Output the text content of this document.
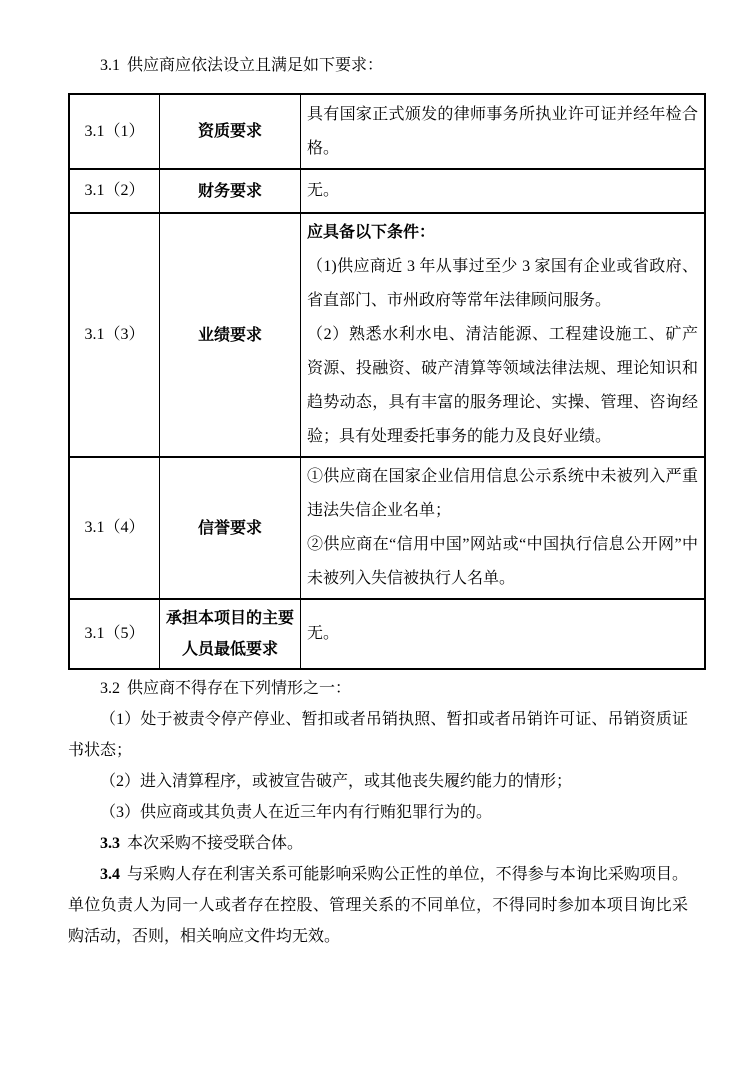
3.1 供应商应依法设立且满足如下要求：

3.1（1）	资质要求	具有国家正式颁发的律师事务所执业许可证并经年检合格。

3.1（2）	财务要求	无。

3.1（3）	业绩要求	应具备以下条件：
（1)供应商近 3 年从事过至少 3 家国有企业或省政府、省直部门、市州政府等常年法律顾问服务。
（2）熟悉水利水电、清洁能源、工程建设施工、矿产资源、投融资、破产清算等领域法律法规、理论知识和趋势动态，具有丰富的服务理论、实操、管理、咨询经验；具有处理委托事务的能力及良好业绩。

3.1（4）	信誉要求	①供应商在国家企业信用信息公示系统中未被列入严重违法失信企业名单；
②供应商在“信用中国”网站或“中国执行信息公开网”中未被列入失信被执行人名单。

3.1（5）	承担本项目的主要人员最低要求	无。

3.2 供应商不得存在下列情形之一：

（1）处于被责令停产停业、暂扣或者吊销执照、暂扣或者吊销许可证、吊销资质证书状态；

（2）进入清算程序，或被宣告破产，或其他丧失履约能力的情形；

（3）供应商或其负责人在近三年内有行贿犯罪行为的。

3.3 本次采购不接受联合体。

3.4 与采购人存在利害关系可能影响采购公正性的单位，不得参与本询比采购项目。单位负责人为同一人或者存在控股、管理关系的不同单位，不得同时参加本项目询比采购活动，否则，相关响应文件均无效。
